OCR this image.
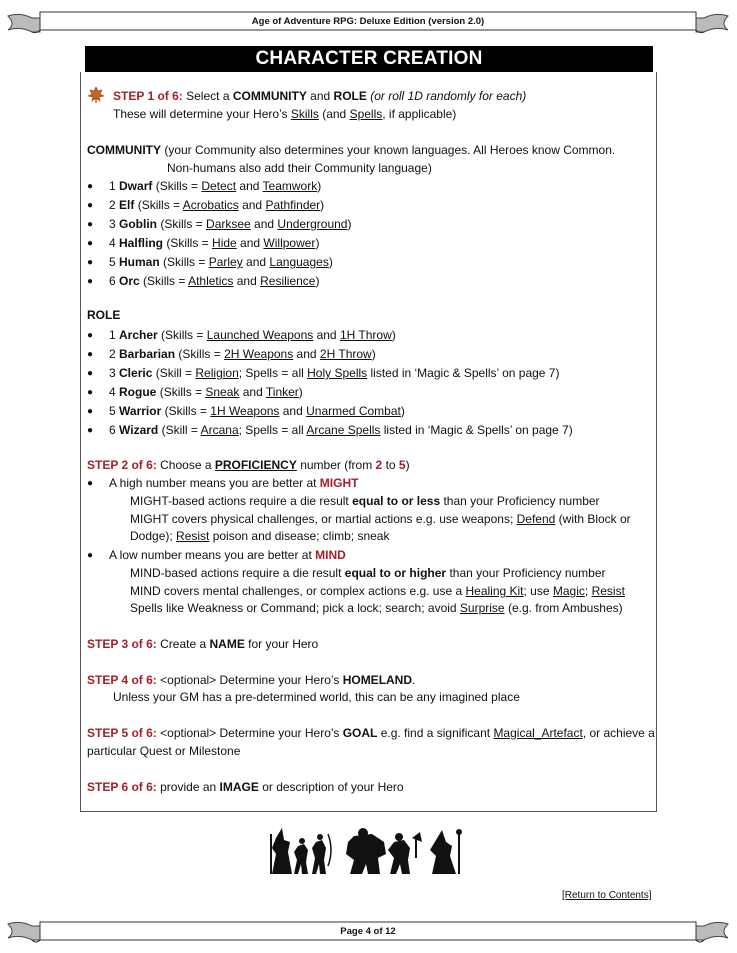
Age of Adventure RPG: Deluxe Edition (version 2.0)
CHARACTER CREATION
STEP 1 of 6: Select a COMMUNITY and ROLE (or roll 1D randomly for each)
These will determine your Hero’s Skills (and Spells, if applicable)
COMMUNITY (your Community also determines your known languages. All Heroes know Common.
Non-humans also add their Community language)
● 1 Dwarf (Skills = Detect and Teamwork)
● 2 Elf (Skills = Acrobatics and Pathfinder)
● 3 Goblin (Skills = Darksee and Underground)
● 4 Halfling (Skills = Hide and Willpower)
● 5 Human (Skills = Parley and Languages)
● 6 Orc (Skills = Athletics and Resilience)
ROLE
● 1 Archer (Skills = Launched Weapons and 1H Throw)
● 2 Barbarian (Skills = 2H Weapons and 2H Throw)
● 3 Cleric (Skill = Religion; Spells = all Holy Spells listed in ‘Magic & Spells’ on page 7)
● 4 Rogue (Skills = Sneak and Tinker)
● 5 Warrior (Skills = 1H Weapons and Unarmed Combat)
● 6 Wizard (Skill = Arcana; Spells = all Arcane Spells listed in ‘Magic & Spells’ on page 7)
STEP 2 of 6: Choose a PROFICIENCY number (from 2 to 5)
● A high number means you are better at MIGHT
MIGHT-based actions require a die result equal to or less than your Proficiency number
MIGHT covers physical challenges, or martial actions e.g. use weapons; Defend (with Block or
Dodge); Resist poison and disease; climb; sneak
● A low number means you are better at MIND
MIND-based actions require a die result equal to or higher than your Proficiency number
MIND covers mental challenges, or complex actions e.g. use a Healing Kit; use Magic; Resist
Spells like Weakness or Command; pick a lock; search; avoid Surprise (e.g. from Ambushes)
STEP 3 of 6: Create a NAME for your Hero
STEP 4 of 6: <optional> Determine your Hero’s HOMELAND.
Unless your GM has a pre-determined world, this can be any imagined place
STEP 5 of 6: <optional> Determine your Hero’s GOAL e.g. find a significant Magical_Artefact, or achieve a
particular Quest or Milestone
STEP 6 of 6: provide an IMAGE or description of your Hero
[Return to Contents]
Page 4 of 12
